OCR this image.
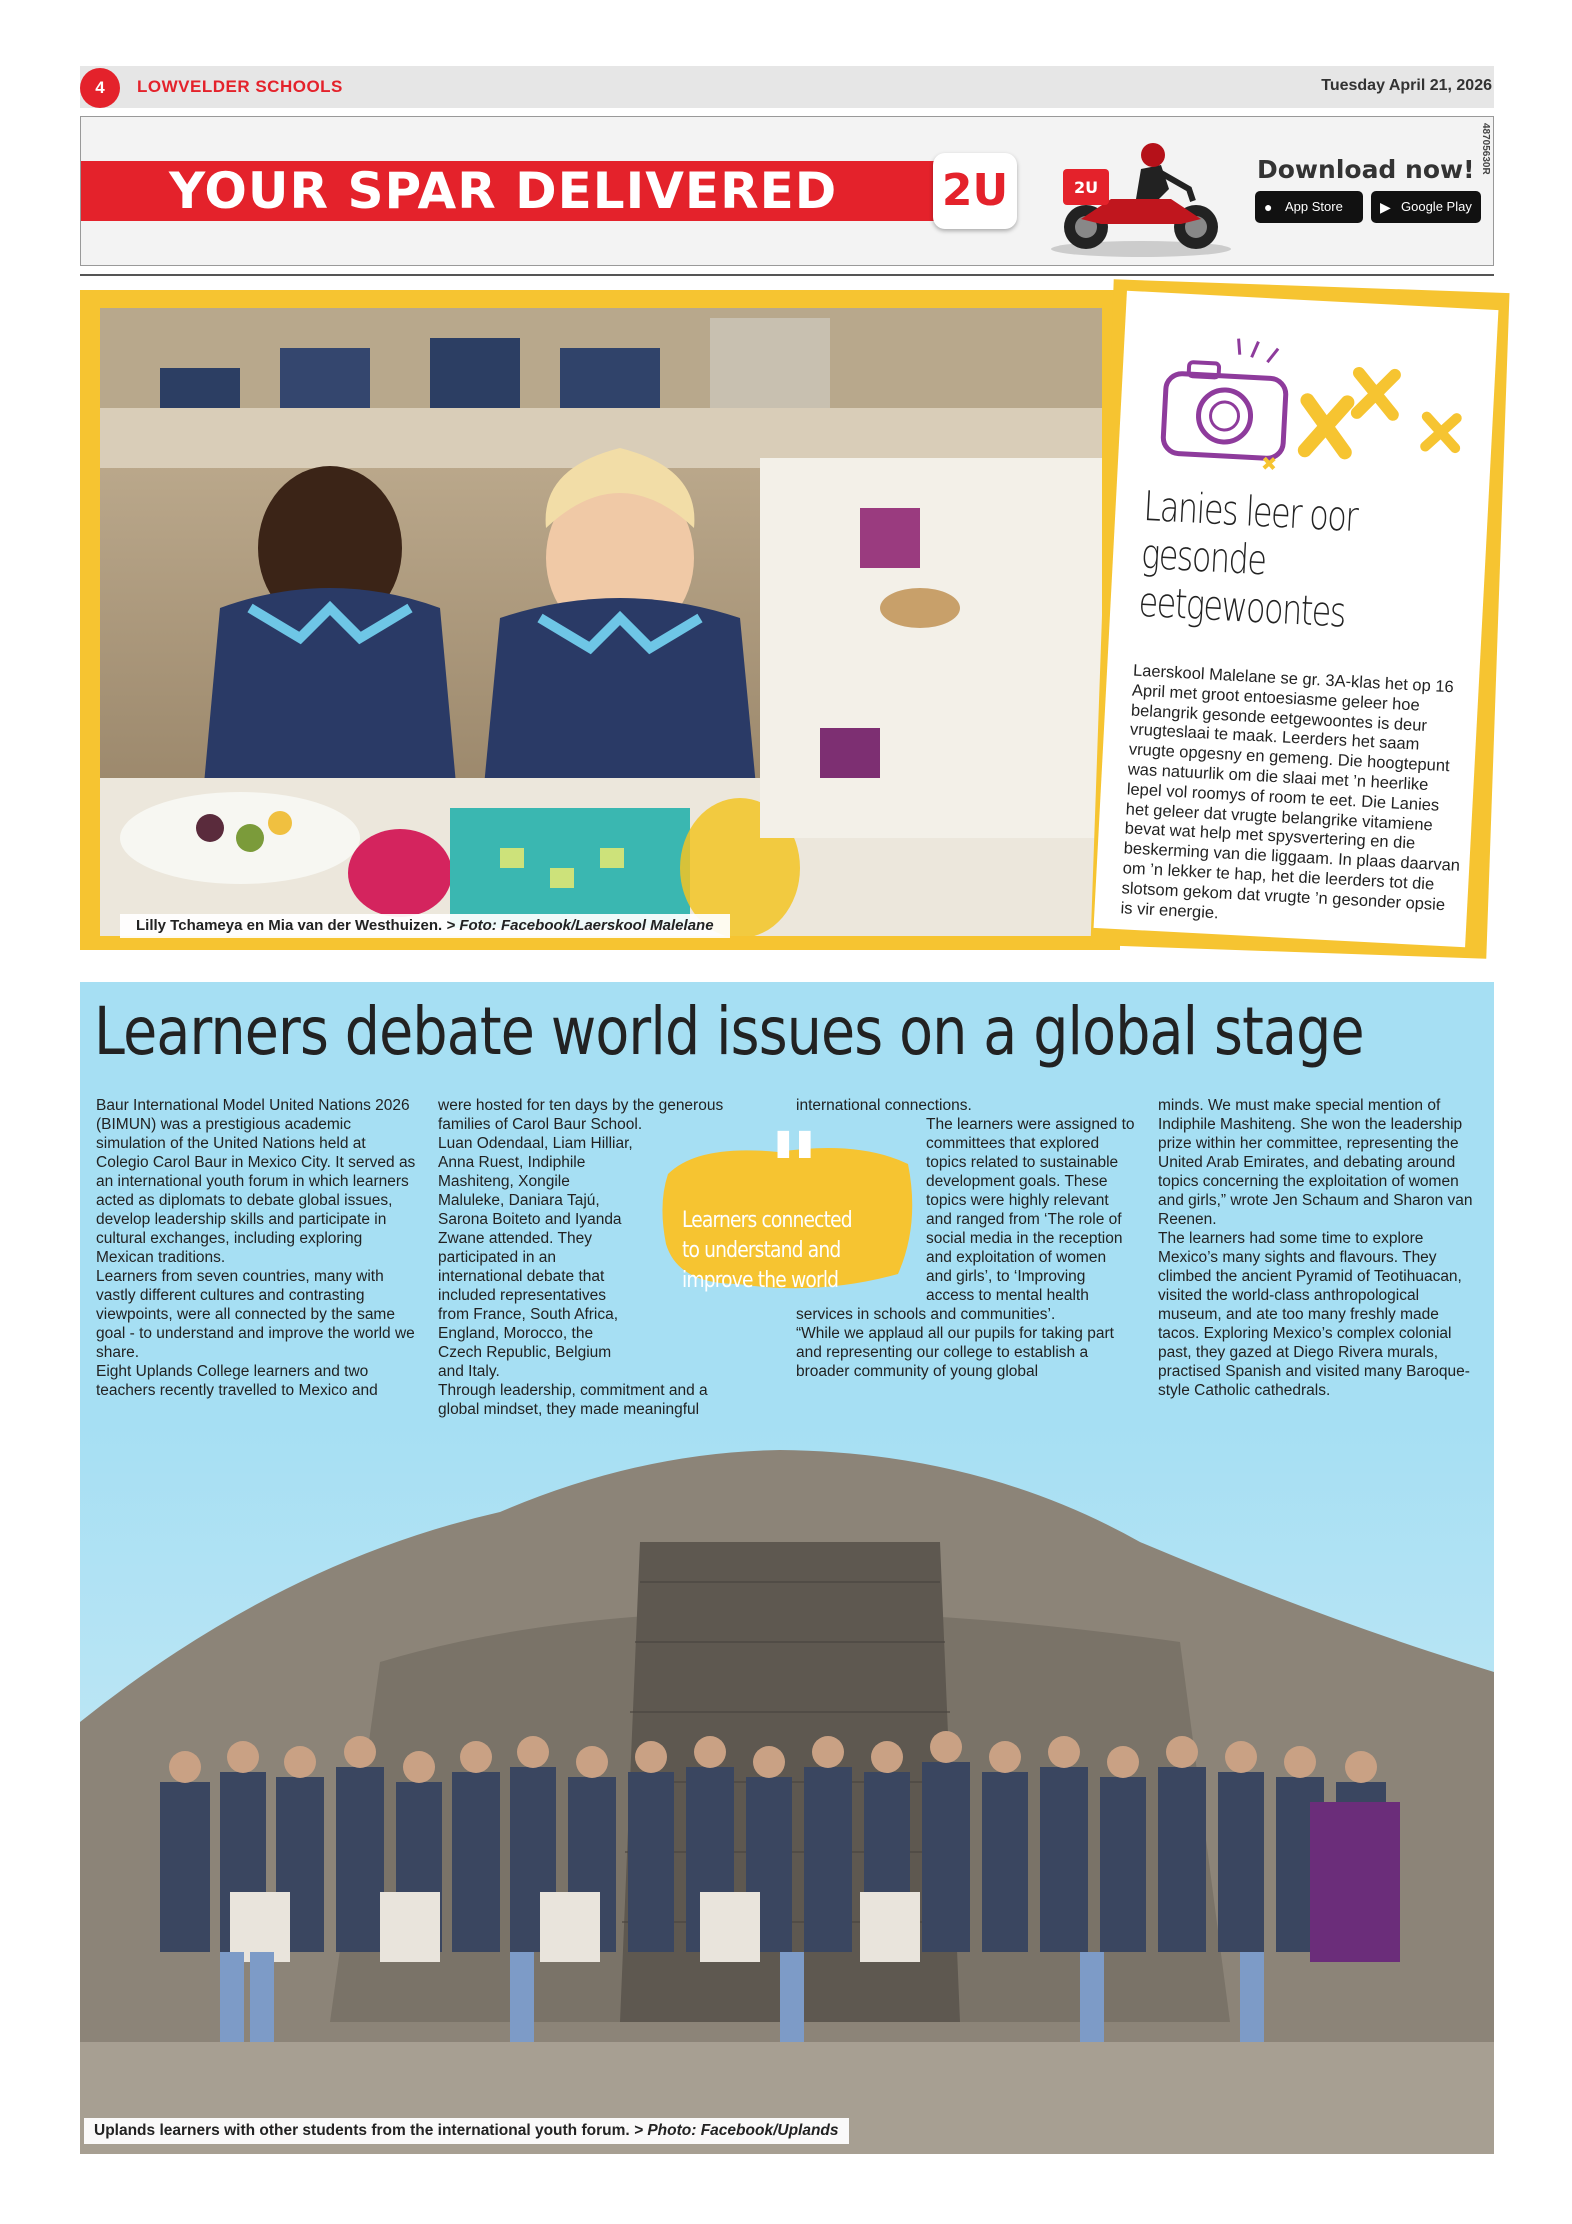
4	LOWVELDER SCHOOLS	Tuesday April 21, 2026
YOUR SPAR DELIVERED 2U	2U
Download now!
● App Store	▶ Google Play
48705630R
Lilly Tchameya en Mia van der Westhuizen. > Foto: Facebook/Laerskool Malelane
Lanies leer oor gesonde eetgewoontes
Laerskool Malelane se gr. 3A-klas het op 16 April met groot entoesiasme geleer hoe belangrik gesonde eetgewoontes is deur vrugteslaai te maak. Leerders het saam vrugte opgesny en gemeng. Die hoogtepunt was natuurlik om die slaai met ’n heerlike lepel vol roomys of room te eet. Die Lanies het geleer dat vrugte belangrike vitamiene bevat wat help met spysvertering en die beskerming van die liggaam. In plaas daarvan om ’n lekker te hap, het die leerders tot die slotsom gekom dat vrugte ’n gesonder opsie is vir energie.
Learners debate world issues on a global stage

Baur International Model United Nations 2026 (BIMUN) was a prestigious academic simulation of the United Nations held at Colegio Carol Baur in Mexico City. It served as an international youth forum in which learners acted as diplomats to debate global issues, develop leadership skills and participate in cultural exchanges, including exploring Mexican traditions.

Learners from seven countries, many with vastly different cultures and contrasting viewpoints, were all connected by the same goal - to understand and improve the world we share.

Eight Uplands College learners and two teachers recently travelled to Mexico and

were hosted for ten days by the generous families of Carol Baur School.

Luan Odendaal, Liam Hilliar, Anna Ruest, Indiphile Mashiteng, Xongile Maluleke, Daniara Tajú, Sarona Boiteto and Iyanda Zwane attended. They participated in an international debate that included representatives from France, South Africa, England, Morocco, the Czech Republic, Belgium and Italy.

Through leadership, commitment and a global mindset, they made meaningful

international connections.

The learners were assigned to committees that explored topics related to sustainable development goals. These topics were highly relevant and ranged from ‘The role of social media in the reception and exploitation of women and girls’, to ‘Improving access to mental health

services in schools and communities’.

“While we applaud all our pupils for taking part and representing our college to establish a broader community of young global

minds. We must make special mention of Indiphile Mashiteng. She won the leadership prize within her committee, representing the United Arab Emirates, and debating around topics concerning the exploitation of women and girls,” wrote Jen Schaum and Sharon van Reenen.

The learners had some time to explore Mexico’s many sights and flavours. They climbed the ancient Pyramid of Teotihuacan, visited the world-class anthropological museum, and ate too many freshly made tacos. Exploring Mexico’s complex colonial past, they gazed at Diego Rivera murals, practised Spanish and visited many Baroque-style Catholic cathedrals.

"
Learners connected to understand and improve the world
Uplands learners with other students from the international youth forum. > Photo: Facebook/Uplands
